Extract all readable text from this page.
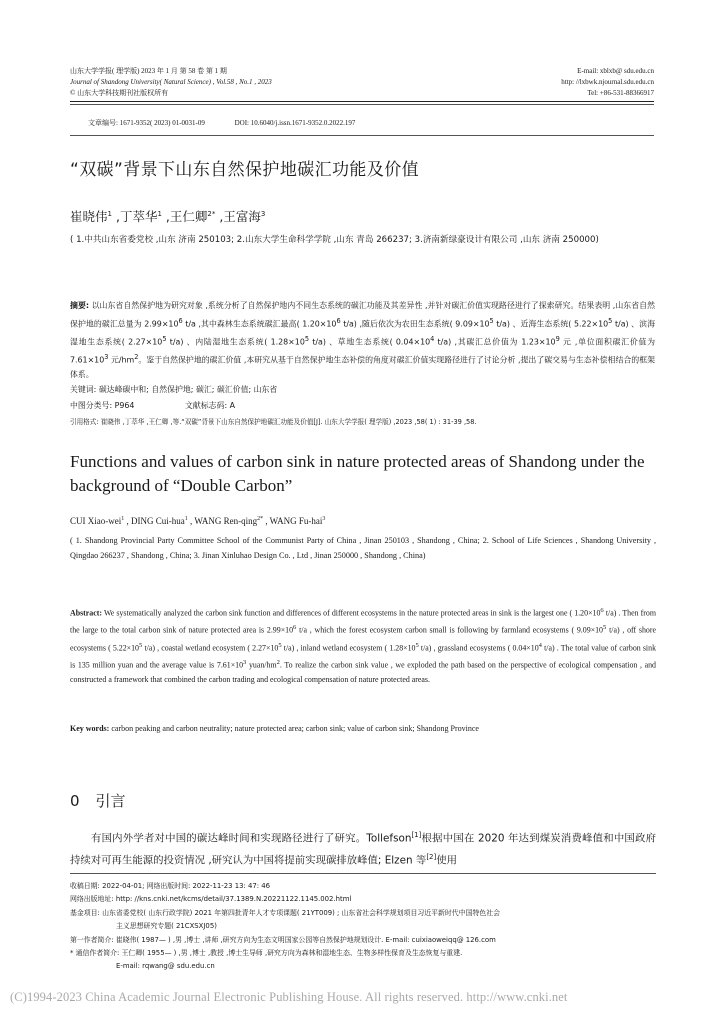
山东大学学报( 理学版) 2023 年 1 月 第 58 卷 第 1 期
Journal of Shandong University( Natural Science) , Vol.58 , No.1 , 2023
© 山东大学科技期刊社版权所有
E-mail: xblxb@ sdu.edu.cn
http: //lxbwk.njournal.sdu.edu.cn
Tel: +86-531-88366917
文章编号: 1671-9352( 2023) 01-0031-09	DOI: 10.6040/j.issn.1671-9352.0.2022.197
“双碳”背景下山东自然保护地碳汇功能及价值
崔晓伟$^1$ ,丁萃华$^1$ ,王仁卿$^{2*}$ ,王富海$^3$
( 1.中共山东省委党校 ,山东 济南 250103; 2.山东大学生命科学学院 ,山东 青岛 266237; 3.济南新绿豪设计有限公司 ,山东 济南 250000)
摘要: 以山东省自然保护地为研究对象 ,系统分析了自然保护地内不同生态系统的碳汇功能及其差异性 ,并针对碳汇价值实现路径进行了探索研究。结果表明 ,山东省自然保护地的碳汇总量为 $2.99\times 10^6$ t/a ,其中森林生态系统碳汇最高( $1.20\times 10^6$ t/a) ,随后依次为农田生态系统( $9.09\times 10^5$ t/a) 、近海生态系统( $5.22\times 10^5$ t/a) 、滨海湿地生态系统( $2.27\times 10^5$ t/a) 、内陆湿地生态系统( $1.28\times 10^5$ t/a) 、草地生态系统( $0.04\times 10^4$ t/a) ,其碳汇总价值为 $1.23\times 10^9$ 元 ,单位面积碳汇价值为 $7.61\times 10^3$ 元$/hm^2$。鉴于自然保护地的碳汇价值 ,本研究从基于自然保护地生态补偿的角度对碳汇价值实现路径进行了讨论分析 ,提出了碳交易与生态补偿相结合的框架体系。
关键词: 碳达峰碳中和; 自然保护地; 碳汇; 碳汇价值; 山东省
中图分类号: P964	文献标志码: A
引用格式: 崔晓伟 ,丁萃华 ,王仁卿 ,等.“双碳”背景下山东自然保护地碳汇功能及价值[J]. 山东大学学报( 理学版) ,2023 ,58( 1) : 31-39 ,58.
Functions and values of carbon sink in nature protected areas of Shandong under the background of “Double Carbon”
CUI Xiao-wei$^1$ , DING Cui-hua$^1$ , WANG Ren-qing$^{2*}$ , WANG Fu-hai$^3$
( 1. Shandong Provincial Party Committee School of the Communist Party of China , Jinan 250103 , Shandong , China; 2. School of Life Sciences , Shandong University , Qingdao 266237 , Shandong , China; 3. Jinan Xinluhao Design Co. , Ltd , Jinan 250000 , Shandong , China)
Abstract: We systematically analyzed the carbon sink function and differences of different ecosystems in the nature protected areas in sink is the largest one ( $1.20\times 10^6$ t/a) . Then from the large to the total carbon sink of nature protected area is $2.99\times 10^6$ t/a , which the forest ecosystem carbon small is following by farmland ecosystems ( $9.09\times 10^5$ t/a) , off shore ecosystems ( $5.22\times 10^5$ t/a) , coastal wetland ecosystem ( $2.27\times 10^5$ t/a) , inland wetland ecosystem ( $1.28\times 10^5$ t/a) , grassland ecosystems ( $0.04\times 10^4$ t/a) . The total value of carbon sink is 135 million yuan and the average value is $7.61\times 10^3$ yuan/$hm^2$. To realize the carbon sink value , we exploded the path based on the perspective of ecological compensation , and constructed a framework that combined the carbon trading and ecological compensation of nature protected areas.
Key words: carbon peaking and carbon neutrality; nature protected area; carbon sink; value of carbon sink; Shandong Province
0 引言
有国内外学者对中国的碳达峰时间和实现路径进行了研究。Tollefson[1]根据中国在 2020 年达到煤炭消费峰值和中国政府持续对可再生能源的投资情况 ,研究认为中国将提前实现碳排放峰值; Elzen 等[2]使用
收稿日期: 2022-04-01; 网络出版时间: 2022-11-23 13: 47: 46
网络出版地址: http: //kns.cnki.net/kcms/detail/37.1389.N.20221122.1145.002.html
基金项目: 山东省委党校( 山东行政学院) 2021 年第四批青年人才专项课题( 21YT009) ; 山东省社会科学规划项目习近平新时代中国特色社会
主义思想研究专题( 21CXSXJ05)
第一作者简介: 崔晓伟( 1987— ) ,男 ,博士 ,讲师 ,研究方向为生态文明国家公园等自然保护地规划设计. E-mail: cuixiaoweiqq@ 126.com
* 通信作者简介: 王仁卿( 1955— ) ,男 ,博士 ,教授 ,博士生导师 ,研究方向为森林和湿地生态、生物多样性保育及生态恢复与重建.
E-mail: rqwang@ sdu.edu.cn
(C)1994-2023 China Academic Journal Electronic Publishing House. All rights reserved. http://www.cnki.net
